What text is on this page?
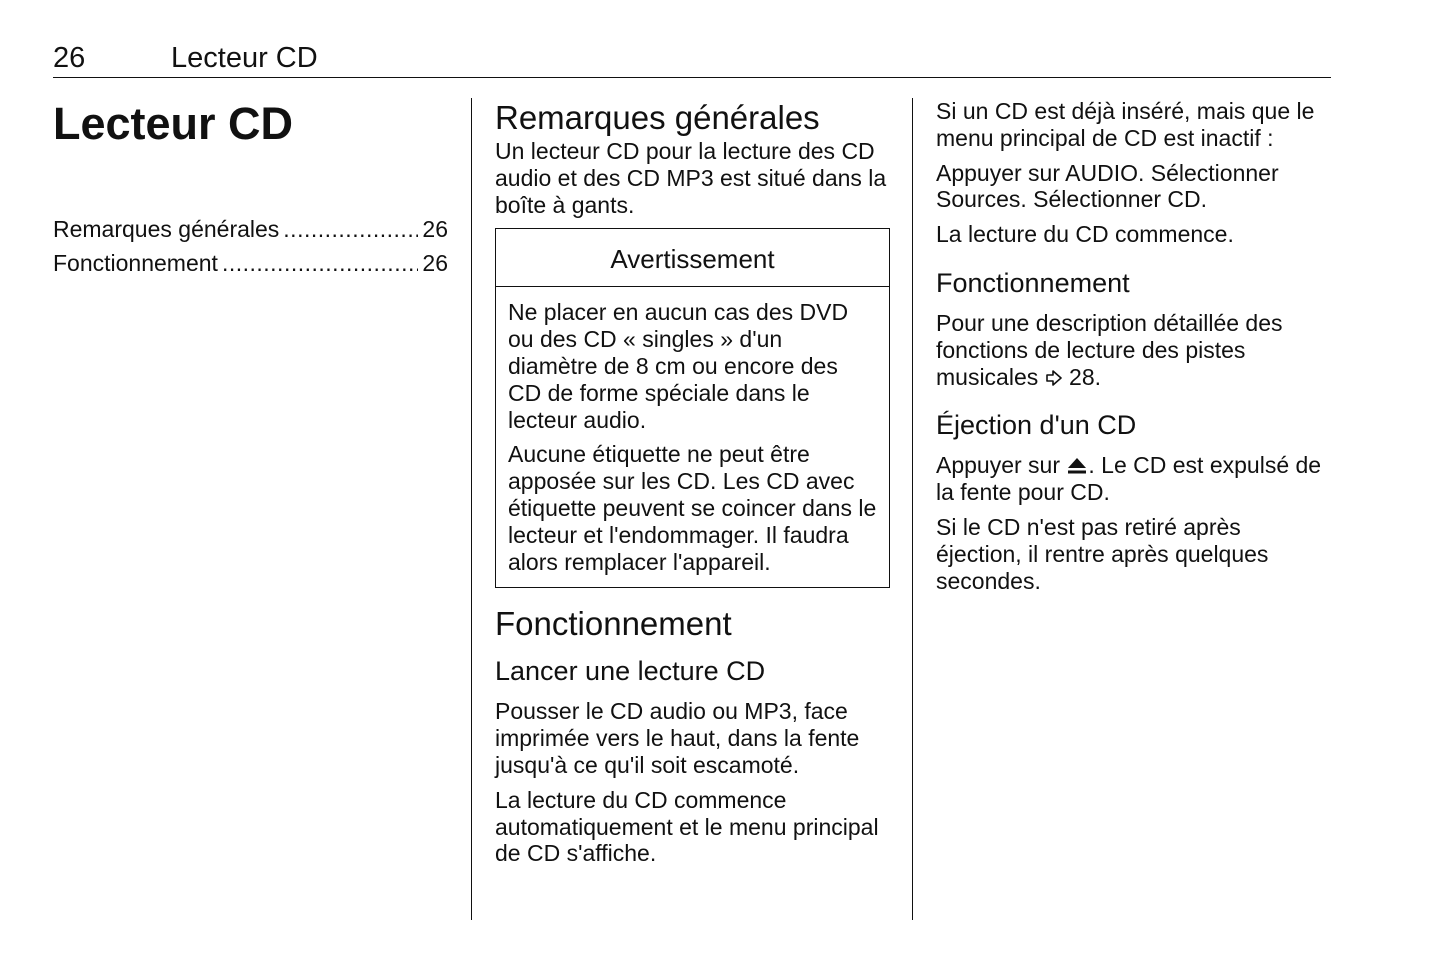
26	Lecteur CD
Lecteur CD
Remarques générales .....	26
Fonctionnement .....	26
Remarques générales

Un lecteur CD pour la lecture des CD audio et des CD MP3 est situé dans la boîte à gants.

Avertissement

Ne placer en aucun cas des DVD ou des CD « singles » d'un diamètre de 8 cm ou encore des CD de forme spéciale dans le lecteur audio.

Aucune étiquette ne peut être apposée sur les CD. Les CD avec étiquette peuvent se coincer dans le lecteur et l'endommager. Il faudra alors remplacer l'appareil.

Fonctionnement
Lancer une lecture CD

Pousser le CD audio ou MP3, face imprimée vers le haut, dans la fente jusqu'à ce qu'il soit escamoté.

La lecture du CD commence automatiquement et le menu principal de CD s'affiche.

Si un CD est déjà inséré, mais que le menu principal de CD est inactif :

Appuyer sur AUDIO. Sélectionner Sources. Sélectionner CD.

La lecture du CD commence.

Fonctionnement

Pour une description détaillée des fonctions de lecture des pistes musicales 28.

Éjection d'un CD

Appuyer sur . Le CD est expulsé de la fente pour CD.

Si le CD n'est pas retiré après éjection, il rentre après quelques secondes.
